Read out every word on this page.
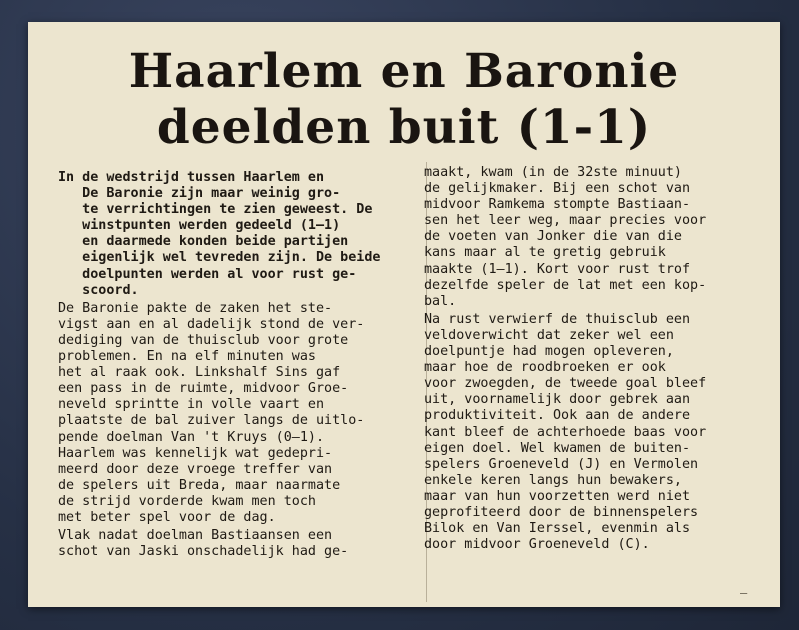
Haarlem en Baronie
deelden buit (1-1)
In de wedstrijd tussen Haarlem en
De Baronie zijn maar weinig gro-
te verrichtingen te zien geweest. De
winstpunten werden gedeeld (1—1)
en daarmede konden beide partijen
eigenlijk wel tevreden zijn. De beide
doelpunten werden al voor rust ge-
scoord.
De Baronie pakte de zaken het ste-
vigst aan en al dadelijk stond de ver-
dediging van de thuisclub voor grote
problemen. En na elf minuten was
het al raak ook. Linkshalf Sins gaf
een pass in de ruimte, midvoor Groe-
neveld sprintte in volle vaart en
plaatste de bal zuiver langs de uitlo-
pende doelman Van 't Kruys (0—1).
Haarlem was kennelijk wat gedepri-
meerd door deze vroege treffer van
de spelers uit Breda, maar naarmate
de strijd vorderde kwam men toch
met beter spel voor de dag.
Vlak nadat doelman Bastiaansen een
schot van Jaski onschadelijk had ge-
maakt, kwam (in de 32ste minuut)
de gelijkmaker. Bij een schot van
midvoor Ramkema stompte Bastiaan-
sen het leer weg, maar precies voor
de voeten van Jonker die van die
kans maar al te gretig gebruik
maakte (1—1). Kort voor rust trof
dezelfde speler de lat met een kop-
bal.
Na rust verwierf de thuisclub een
veldoverwicht dat zeker wel een
doelpuntje had mogen opleveren,
maar hoe de roodbroeken er ook
voor zwoegden, de tweede goal bleef
uit, voornamelijk door gebrek aan
produktiviteit. Ook aan de andere
kant bleef de achterhoede baas voor
eigen doel. Wel kwamen de buiten-
spelers Groeneveld (J) en Vermolen
enkele keren langs hun bewakers,
maar van hun voorzetten werd niet
geprofiteerd door de binnenspelers
Bilok en Van Ierssel, evenmin als
door midvoor Groeneveld (C).
—
